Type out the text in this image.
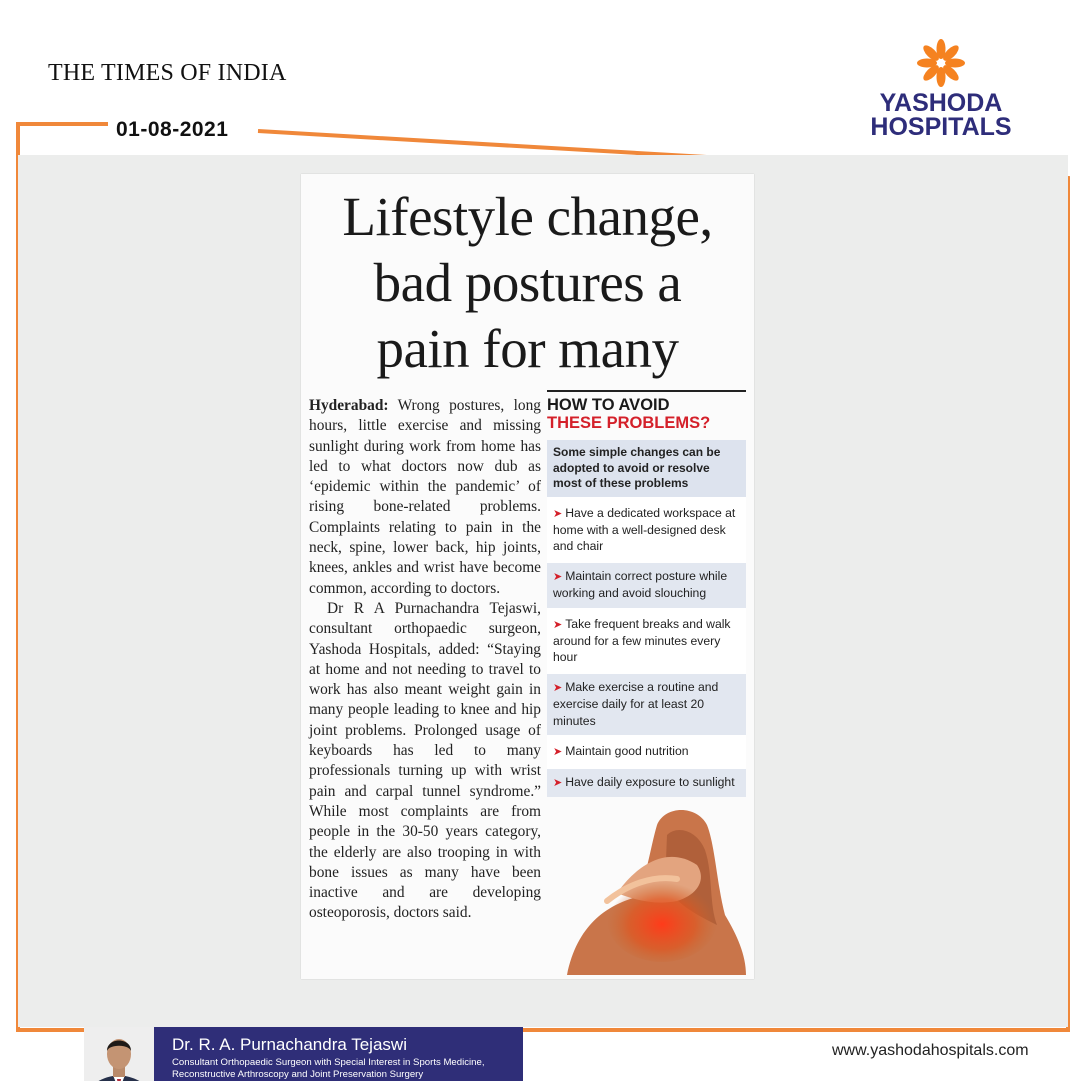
THE TIMES OF INDIA
01-08-2021
YASHODA
HOSPITALS
Lifestyle change,
bad postures a
pain for many

Hyderabad: Wrong postures, long hours, little exercise and missing sunlight during work from home has led to what doctors now dub as ‘epidemic within the pandemic’ of rising bone-related problems. Complaints relating to pain in the neck, spine, lower back, hip joints, knees, ankles and wrist have become common, according to doctors.

Dr R A Purnachandra Tejaswi, consultant orthopaedic surgeon, Yashoda Hospitals, added: “Staying at home and not needing to travel to work has also meant weight gain in many people leading to knee and hip joint problems. Prolonged usage of keyboards has led to many professionals turning up with wrist pain and carpal tunnel syndrome.” While most complaints are from people in the 30-50 years category, the elderly are also trooping in with bone issues as many have been inactive and are developing osteoporosis, doctors said.

HOW TO AVOID
THESE PROBLEMS?
Some simple changes can be adopted to avoid or resolve most of these problems
➤ Have a dedicated workspace at home with a well-designed desk and chair
➤ Maintain correct posture while working and avoid slouching
➤ Take frequent breaks and walk around for a few minutes every hour
➤ Make exercise a routine and exercise daily for at least 20 minutes
➤ Maintain good nutrition
➤ Have daily exposure to sunlight
Dr. R. A. Purnachandra Tejaswi
Consultant Orthopaedic Surgeon with Special Interest in Sports Medicine,
Reconstructive Arthroscopy and Joint Preservation Surgery
www.yashodahospitals.com
